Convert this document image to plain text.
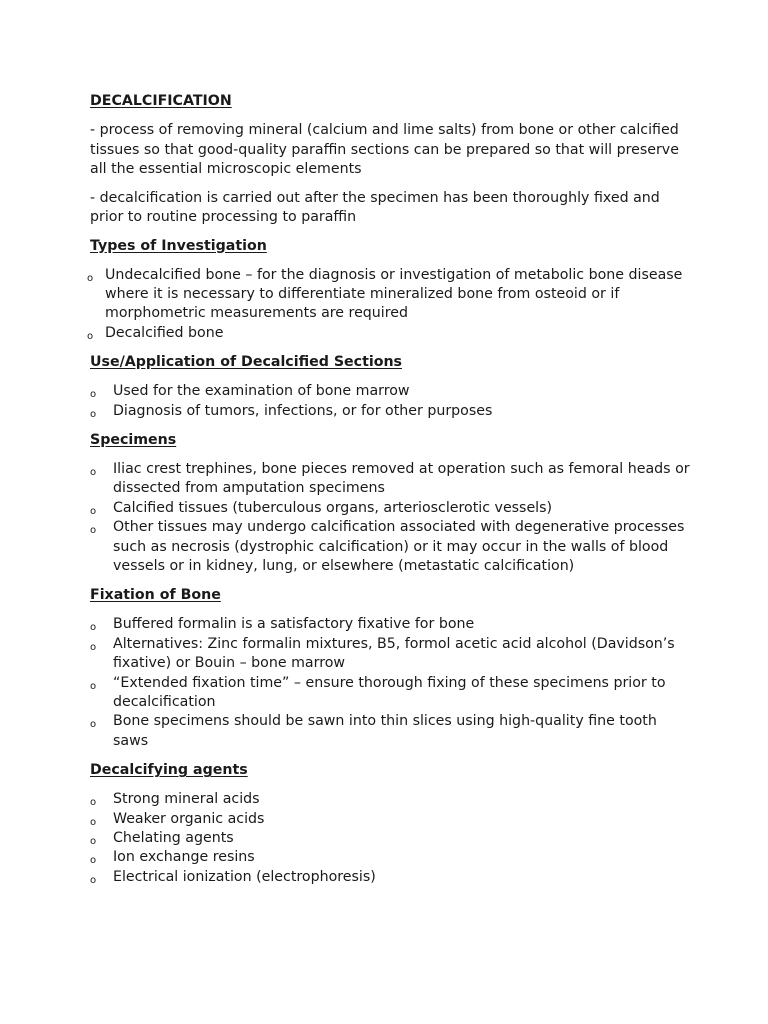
DECALCIFICATION

- process of removing mineral (calcium and lime salts) from bone or other calcified tissues so that good-quality paraffin sections can be prepared so that will preserve all the essential microscopic elements

- decalcification is carried out after the specimen has been thoroughly fixed and prior to routine processing to paraffin

Types of Investigation
o Undecalcified bone – for the diagnosis or investigation of metabolic bone disease where it is necessary to differentiate mineralized bone from osteoid or if morphometric measurements are required
o Decalcified bone
Use/Application of Decalcified Sections
o Used for the examination of bone marrow
o Diagnosis of tumors, infections, or for other purposes
Specimens
o Iliac crest trephines, bone pieces removed at operation such as femoral heads or dissected from amputation specimens
o Calcified tissues (tuberculous organs, arteriosclerotic vessels)
o Other tissues may undergo calcification associated with degenerative processes such as necrosis (dystrophic calcification) or it may occur in the walls of blood vessels or in kidney, lung, or elsewhere (metastatic calcification)
Fixation of Bone
o Buffered formalin is a satisfactory fixative for bone
o Alternatives: Zinc formalin mixtures, B5, formol acetic acid alcohol (Davidson’s fixative) or Bouin – bone marrow
o “Extended fixation time” – ensure thorough fixing of these specimens prior to decalcification
o Bone specimens should be sawn into thin slices using high-quality fine tooth saws
Decalcifying agents
o Strong mineral acids
o Weaker organic acids
o Chelating agents
o Ion exchange resins
o Electrical ionization (electrophoresis)
